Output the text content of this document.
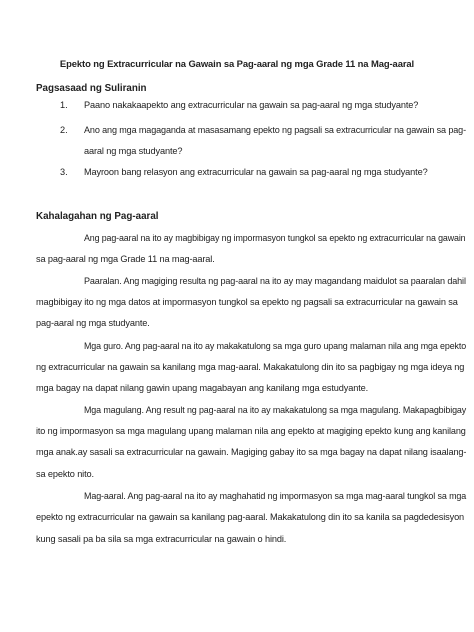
Epekto ng Extracurricular na Gawain sa Pag-aaral ng mga Grade 11 na Mag-aaral
Pagsasaad ng Suliranin
1. Paano nakakaapekto ang extracurricular na gawain sa pag-aaral ng mga studyante?
2. Ano ang mga magaganda at masasamang epekto ng pagsali sa extracurricular na gawain sa pag-
aaral ng mga studyante?
3. Mayroon bang relasyon ang extracurricular na gawain sa pag-aaral ng mga studyante?
Kahalagahan ng Pag-aaral
Ang pag-aaral na ito ay magbibigay ng impormasyon tungkol sa epekto ng extracurricular na gawain
sa pag-aaral ng mga Grade 11 na mag-aaral.
Paaralan. Ang magiging resulta ng pag-aaral na ito ay may magandang maidulot sa paaralan dahil
magbibigay ito ng mga datos at impormasyon tungkol sa epekto ng pagsali sa extracurricular na gawain sa
pag-aaral ng mga studyante.
Mga guro. Ang pag-aaral na ito ay makakatulong sa mga guro upang malaman nila ang mga epekto
ng extracurricular na gawain sa kanilang mga mag-aaral. Makakatulong din ito sa pagbigay ng mga ideya ng
mga bagay na dapat nilang gawin upang magabayan ang kanilang mga estudyante.
Mga magulang. Ang result ng pag-aaral na ito ay makakatulong sa mga magulang. Makapagbibigay
ito ng impormasyon sa mga magulang upang malaman nila ang epekto at magiging epekto kung ang kanilang
mga anak.ay sasali sa extracurricular na gawain. Magiging gabay ito sa mga bagay na dapat nilang isaalang-
sa epekto nito.
Mag-aaral. Ang pag-aaral na ito ay maghahatid ng impormasyon sa mga mag-aaral tungkol sa mga
epekto ng extracurricular na gawain sa kanilang pag-aaral. Makakatulong din ito sa kanila sa pagdedesisyon
kung sasali pa ba sila sa mga extracurricular na gawain o hindi.
